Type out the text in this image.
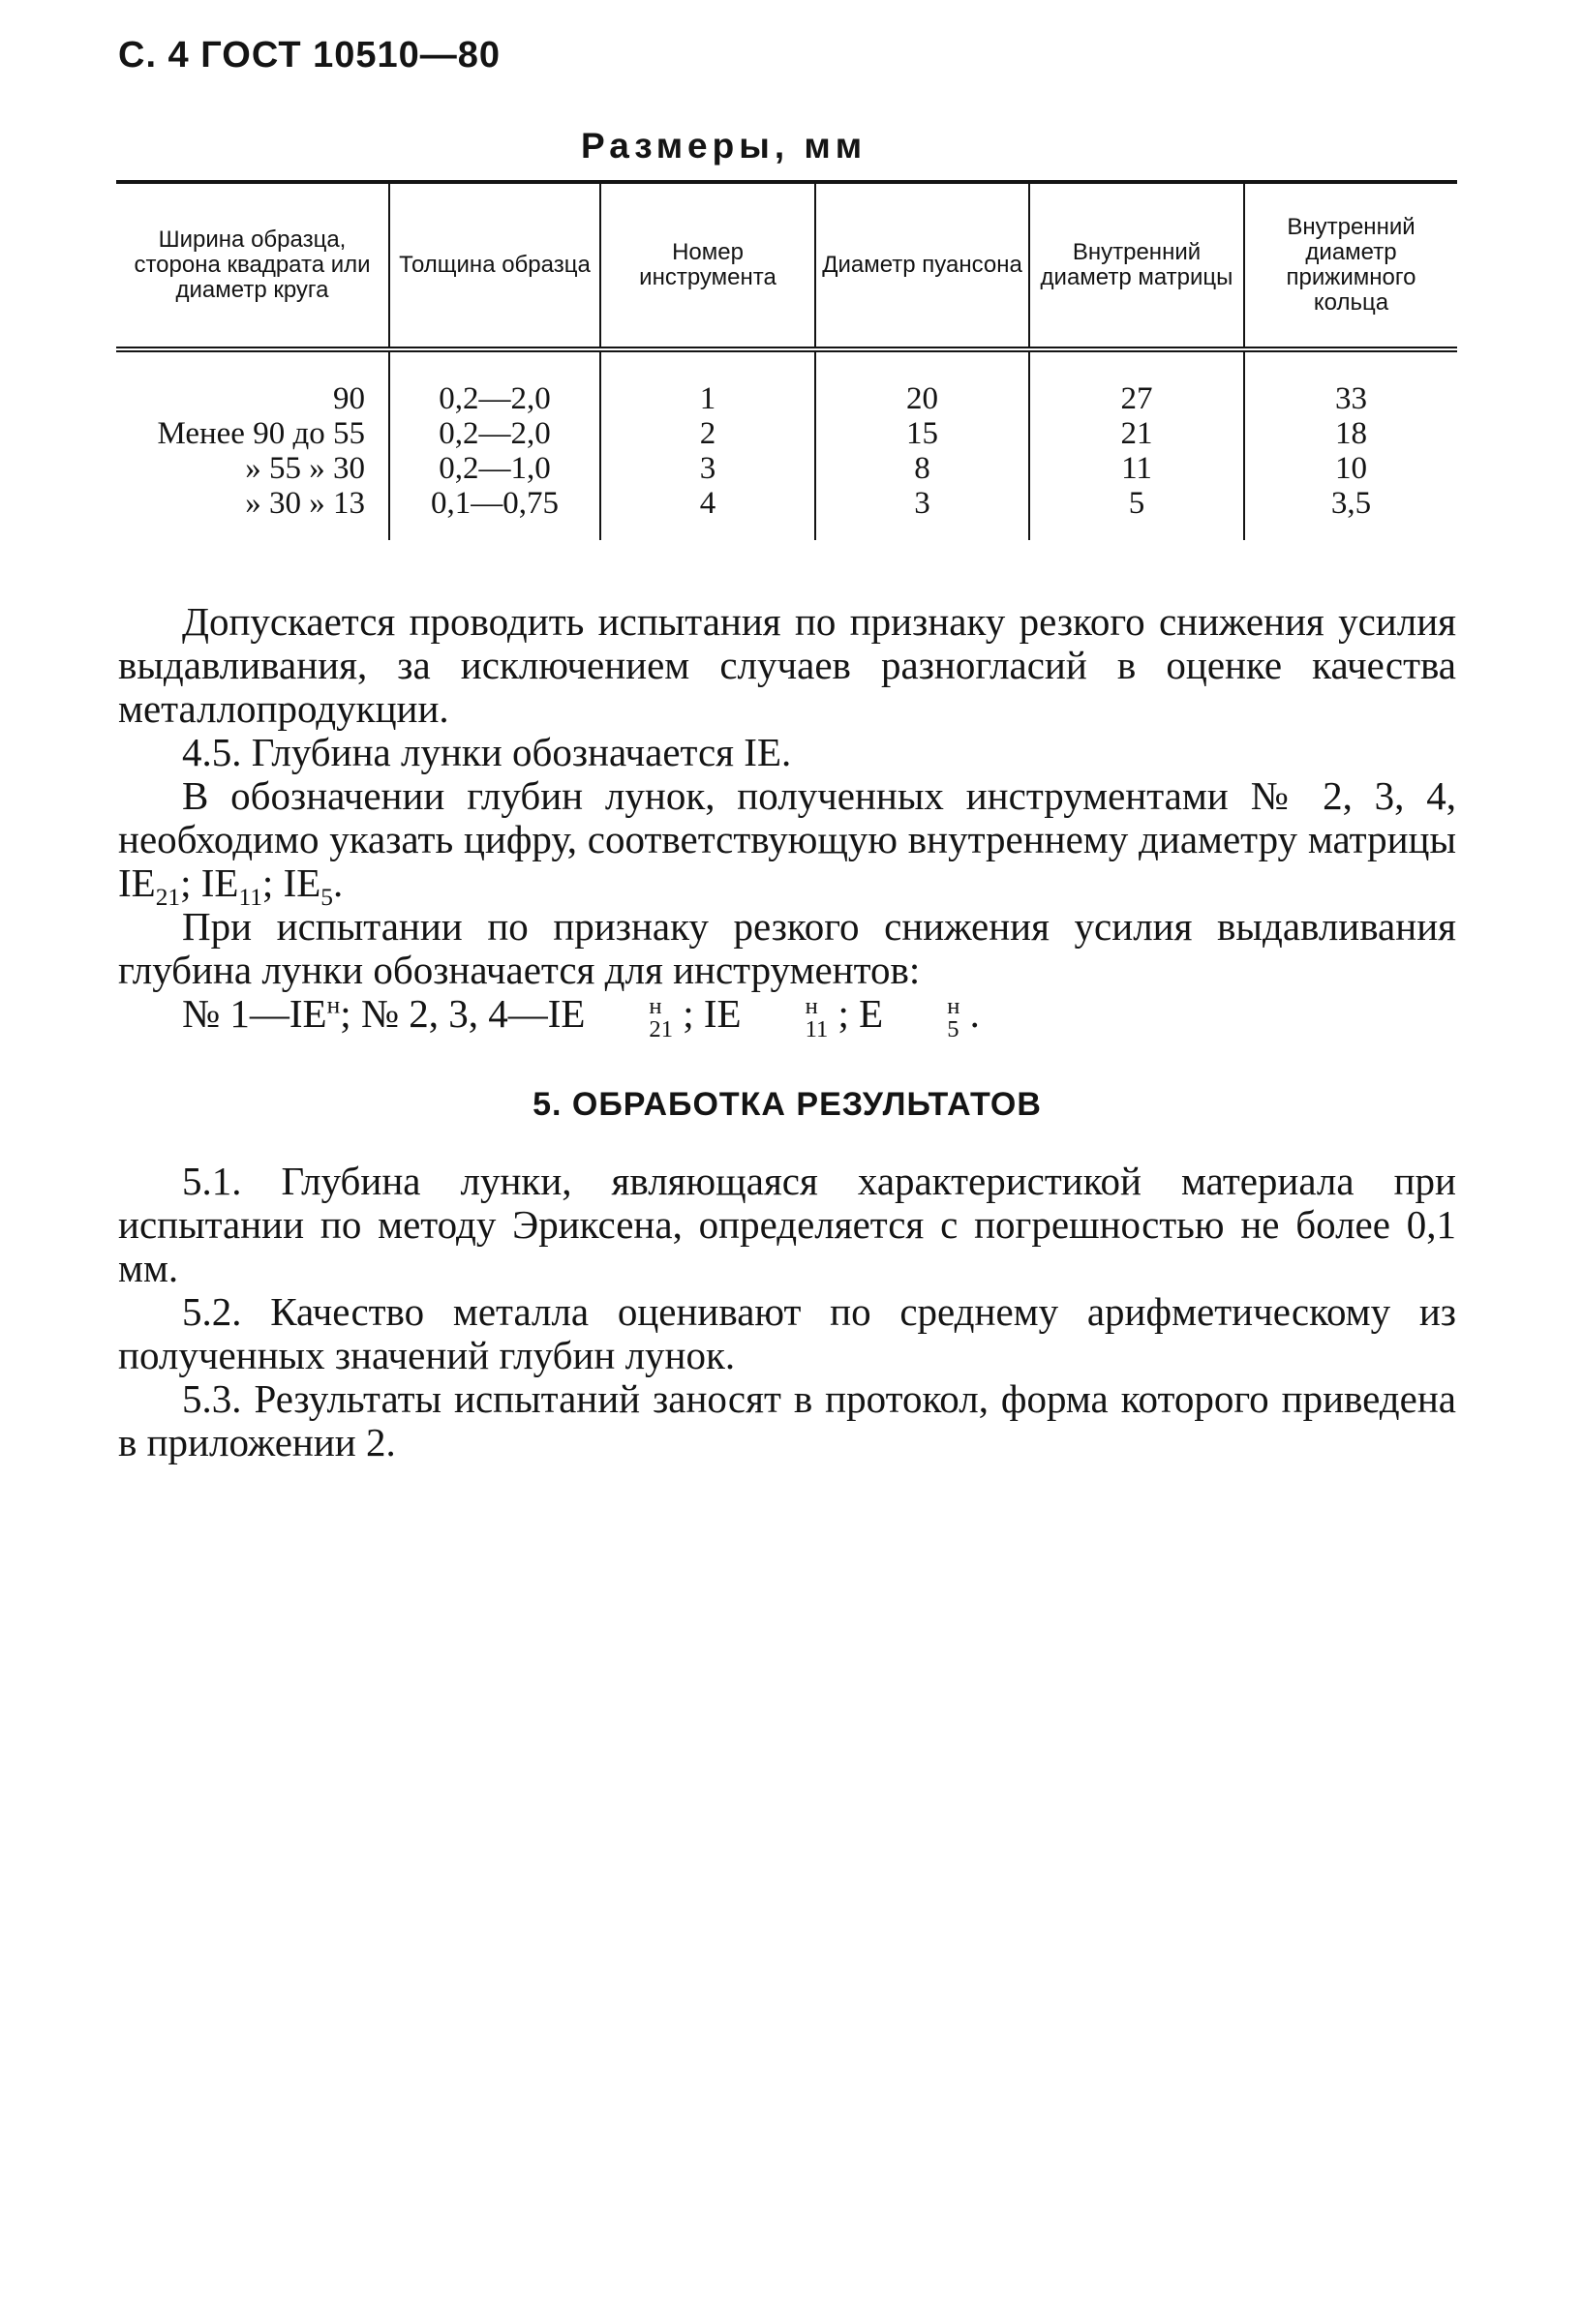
С. 4 ГОСТ 10510—80
Размеры, мм
Ширина образца, сторона квадрата или диаметр круга	Толщина образца	Номер инструмента	Диаметр пуансона	Внутренний диаметр матрицы	Внутренний диаметр прижимного кольца
90	0,2—2,0	1	20	27	33
Менее 90 до 55	0,2—2,0	2	15	21	18
» 55 » 30	0,2—1,0	3	8	11	10
» 30 » 13	0,1—0,75	4	3	5	3,5

Допускается проводить испытания по признаку резкого снижения усилия выдавливания, за исключением случаев разногласий в оценке качества металлопродукции.

4.5. Глубина лунки обозначается IE.

В обозначении глубин лунок, полученных инструментами № 2, 3, 4, необходимо указать цифру, соответствующую внутреннему диаметру матрицы $IE_{21}$; $IE_{11}$; $IE_5$.

При испытании по признаку резкого снижения усилия выдавливания глубина лунки обозначается для инструментов:

№ $1—IE^н$; № 2, 3, 4—IE	н
21 ; IE	н
11 ; E	н
5 .

5. ОБРАБОТКА РЕЗУЛЬТАТОВ

5.1. Глубина лунки, являющаяся характеристикой материала при испытании по методу Эриксена, определяется с погрешностью не более 0,1 мм.

5.2. Качество металла оценивают по среднему арифметическому из полученных значений глубин лунок.

5.3. Результаты испытаний заносят в протокол, форма которого приведена в приложении 2.
